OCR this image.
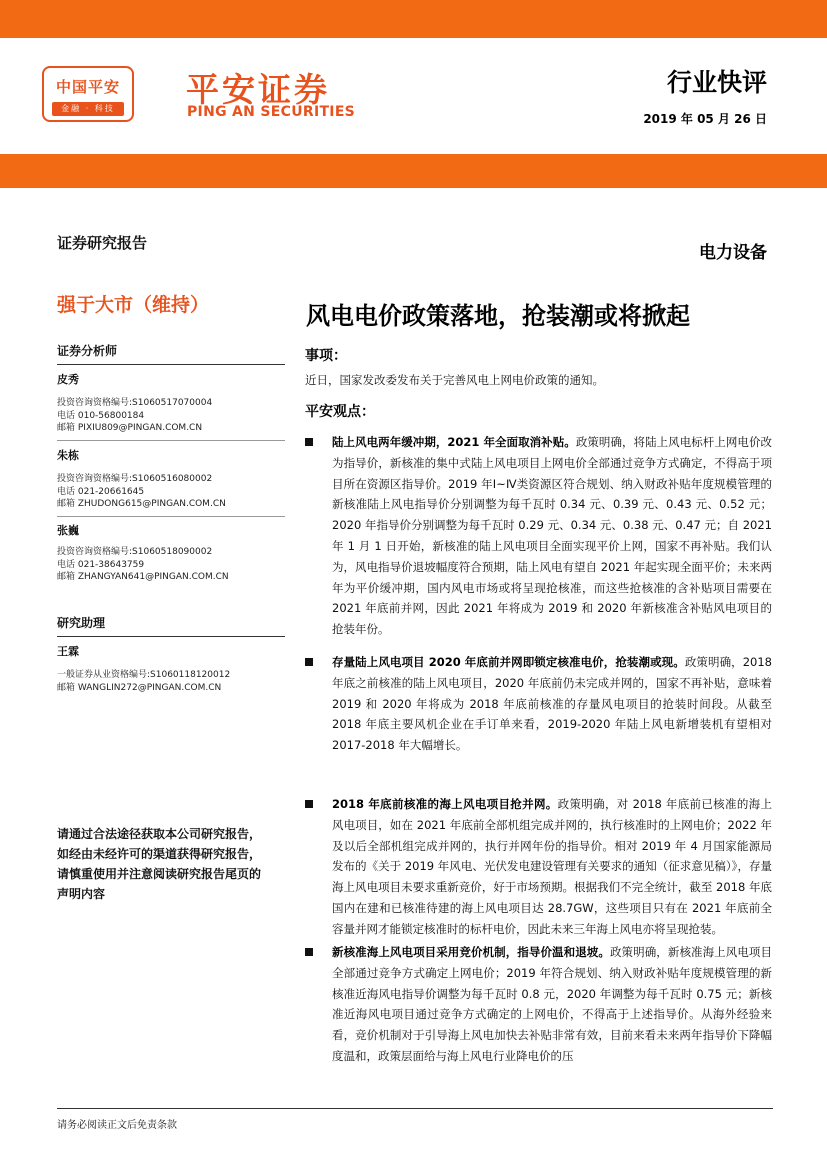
中国平安
金融 · 科技 平安证券
PING AN SECURITIES
行业快评
2019 年 05 月 26 日
证券研究报告	电力设备
强于大市（维持）	风电电价政策落地，抢装潮或将掀起
证券分析师
皮秀
投资咨询资格编号:S1060517070004
电话 010-56800184
邮箱 PIXIU809@PINGAN.COM.CN
朱栋
投资咨询资格编号:S1060516080002
电话 021-20661645
邮箱 ZHUDONG615@PINGAN.COM.CN
张巍
投资咨询资格编号:S1060518090002
电话 021-38643759
邮箱 ZHANGYAN641@PINGAN.COM.CN
研究助理
王霖
一般证券从业资格编号:S1060118120012
邮箱 WANGLIN272@PINGAN.COM.CN
请通过合法途径获取本公司研究报告，如经由未经许可的渠道获得研究报告，请慎重使用并注意阅读研究报告尾页的声明内容
事项：
近日，国家发改委发布关于完善风电上网电价政策的通知。
平安观点：
陆上风电两年缓冲期，2021 年全面取消补贴。政策明确，将陆上风电标杆上网电价改为指导价，新核准的集中式陆上风电项目上网电价全部通过竞争方式确定，不得高于项目所在资源区指导价。2019 年Ⅰ~Ⅳ类资源区符合规划、纳入财政补贴年度规模管理的新核准陆上风电指导价分别调整为每千瓦时 0.34 元、0.39 元、0.43 元、0.52 元；2020 年指导价分别调整为每千瓦时 0.29 元、0.34 元、0.38 元、0.47 元；自 2021 年 1 月 1 日开始，新核准的陆上风电项目全面实现平价上网，国家不再补贴。我们认为，风电指导价退坡幅度符合预期，陆上风电有望自 2021 年起实现全面平价；未来两年为平价缓冲期，国内风电市场或将呈现抢核准，而这些抢核准的含补贴项目需要在 2021 年底前并网，因此 2021 年将成为 2019 和 2020 年新核准含补贴风电项目的抢装年份。
存量陆上风电项目 2020 年底前并网即锁定核准电价，抢装潮或现。政策明确，2018 年底之前核准的陆上风电项目，2020 年底前仍未完成并网的，国家不再补贴，意味着 2019 和 2020 年将成为 2018 年底前核准的存量风电项目的抢装时间段。从截至 2018 年底主要风机企业在手订单来看，2019-2020 年陆上风电新增装机有望相对 2017-2018 年大幅增长。
2018 年底前核准的海上风电项目抢并网。政策明确，对 2018 年底前已核准的海上风电项目，如在 2021 年底前全部机组完成并网的，执行核准时的上网电价；2022 年及以后全部机组完成并网的，执行并网年份的指导价。相对 2019 年 4 月国家能源局发布的《关于 2019 年风电、光伏发电建设管理有关要求的通知（征求意见稿）》，存量海上风电项目未要求重新竞价，好于市场预期。根据我们不完全统计，截至 2018 年底国内在建和已核准待建的海上风电项目达 28.7GW，这些项目只有在 2021 年底前全容量并网才能锁定核准时的标杆电价，因此未来三年海上风电亦将呈现抢装。
新核准海上风电项目采用竞价机制，指导价温和退坡。政策明确，新核准海上风电项目全部通过竞争方式确定上网电价；2019 年符合规划、纳入财政补贴年度规模管理的新核准近海风电指导价调整为每千瓦时 0.8 元，2020 年调整为每千瓦时 0.75 元；新核准近海风电项目通过竞争方式确定的上网电价，不得高于上述指导价。从海外经验来看，竞价机制对于引导海上风电加快去补贴非常有效，目前来看未来两年指导价下降幅度温和，政策层面给与海上风电行业降电价的压
请务必阅读正文后免责条款
